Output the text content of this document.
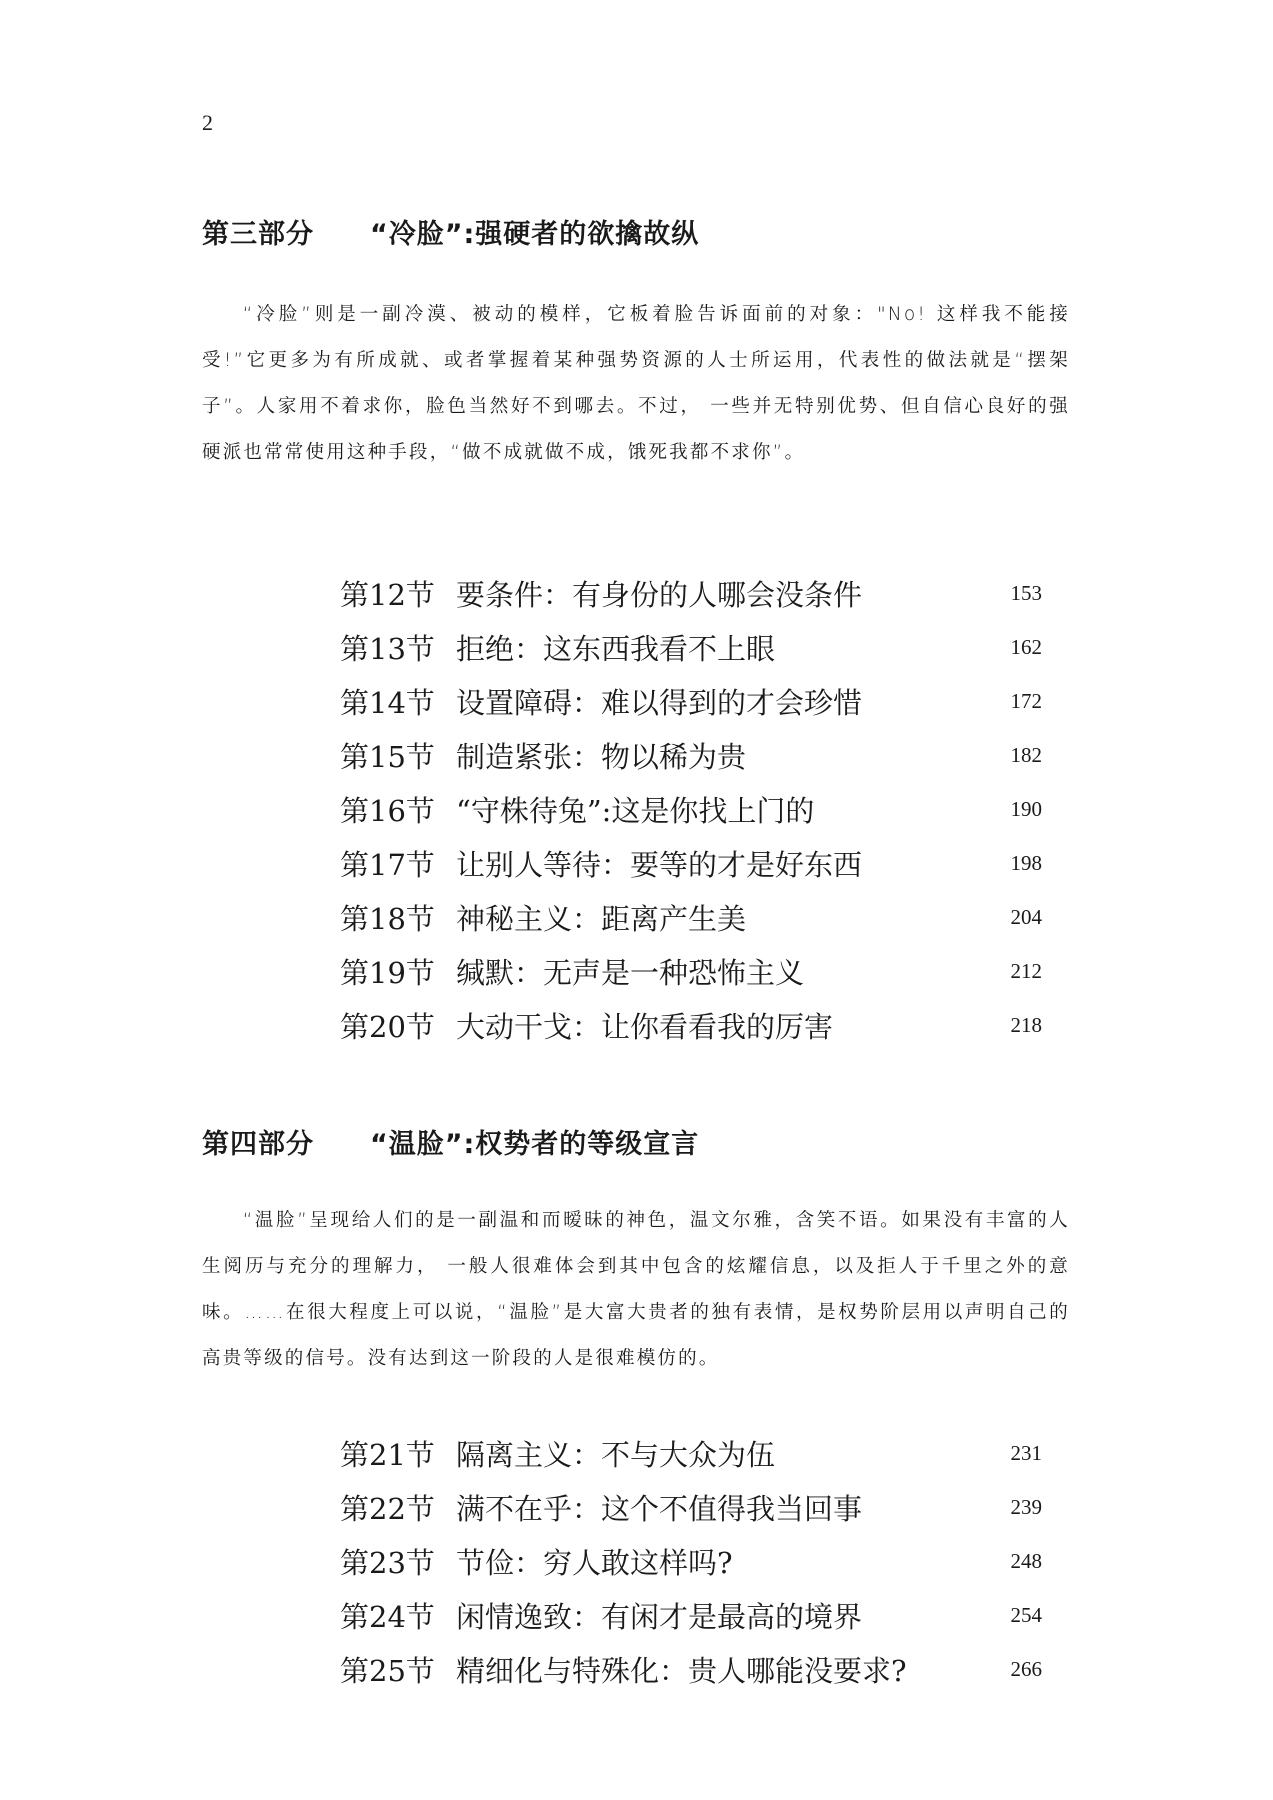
2
第三部分 “冷脸”:强硬者的欲擒故纵

“冷脸”则是一副冷漠、被动的模样，它板着脸告诉面前的对象："No! 这样我不能接受!”它更多为有所成就、或者掌握着某种强势资源的人士所运用，代表性的做法就是“摆架子”。人家用不着求你，脸色当然好不到哪去。不过， 一些并无特别优势、但自信心良好的强硬派也常常使用这种手段，“做不成就做不成，饿死我都不求你”。

第12节 要条件：有身份的人哪会没条件	153
第13节 拒绝：这东西我看不上眼	162
第14节 设置障碍：难以得到的才会珍惜	172
第15节 制造紧张：物以稀为贵	182
第16节 “守株待兔”:这是你找上门的	190
第17节 让别人等待：要等的才是好东西	198
第18节 神秘主义：距离产生美	204
第19节 缄默：无声是一种恐怖主义	212
第20节 大动干戈：让你看看我的厉害	218
第四部分 “温脸”:权势者的等级宣言

“温脸”呈现给人们的是一副温和而暧昧的神色，温文尔雅，含笑不语。如果没有丰富的人生阅历与充分的理解力， 一般人很难体会到其中包含的炫耀信息，以及拒人于千里之外的意味。……在很大程度上可以说，“温脸”是大富大贵者的独有表情，是权势阶层用以声明自己的高贵等级的信号。没有达到这一阶段的人是很难模仿的。

第21节 隔离主义：不与大众为伍	231
第22节 满不在乎：这个不值得我当回事	239
第23节 节俭：穷人敢这样吗?	248
第24节 闲情逸致：有闲才是最高的境界	254
第25节 精细化与特殊化：贵人哪能没要求?	266
